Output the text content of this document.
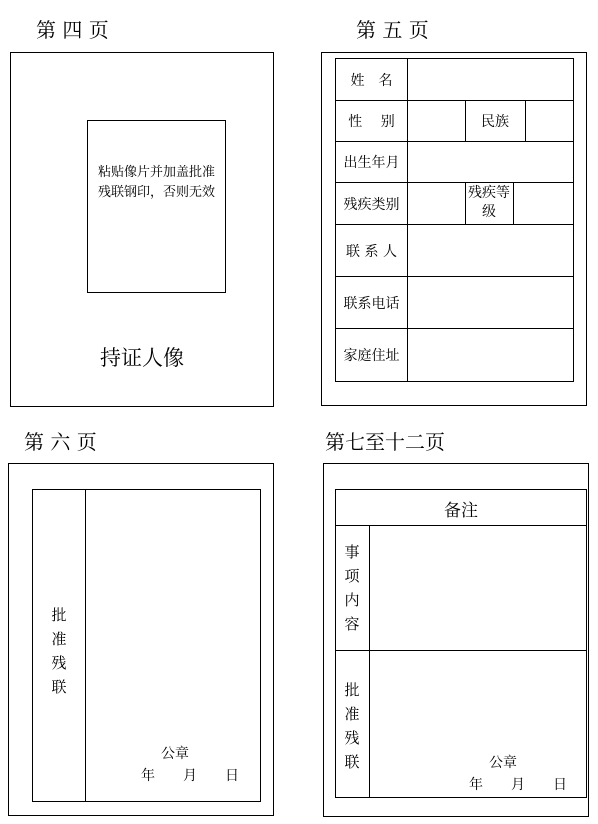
第 四 页
粘贴像片并加盖批准残联钢印，否则无效
持证人像
第 五 页
姓　名
性　 别	民族
出生年月
残疾类别
残疾等级
联 系 人
联系电话
家庭住址
第 六 页
批
准
残
联
公章
年　　月　　日
第七至十二页
备注
事
项
内
容
批
准
残
联	公章
年　　月　　日
